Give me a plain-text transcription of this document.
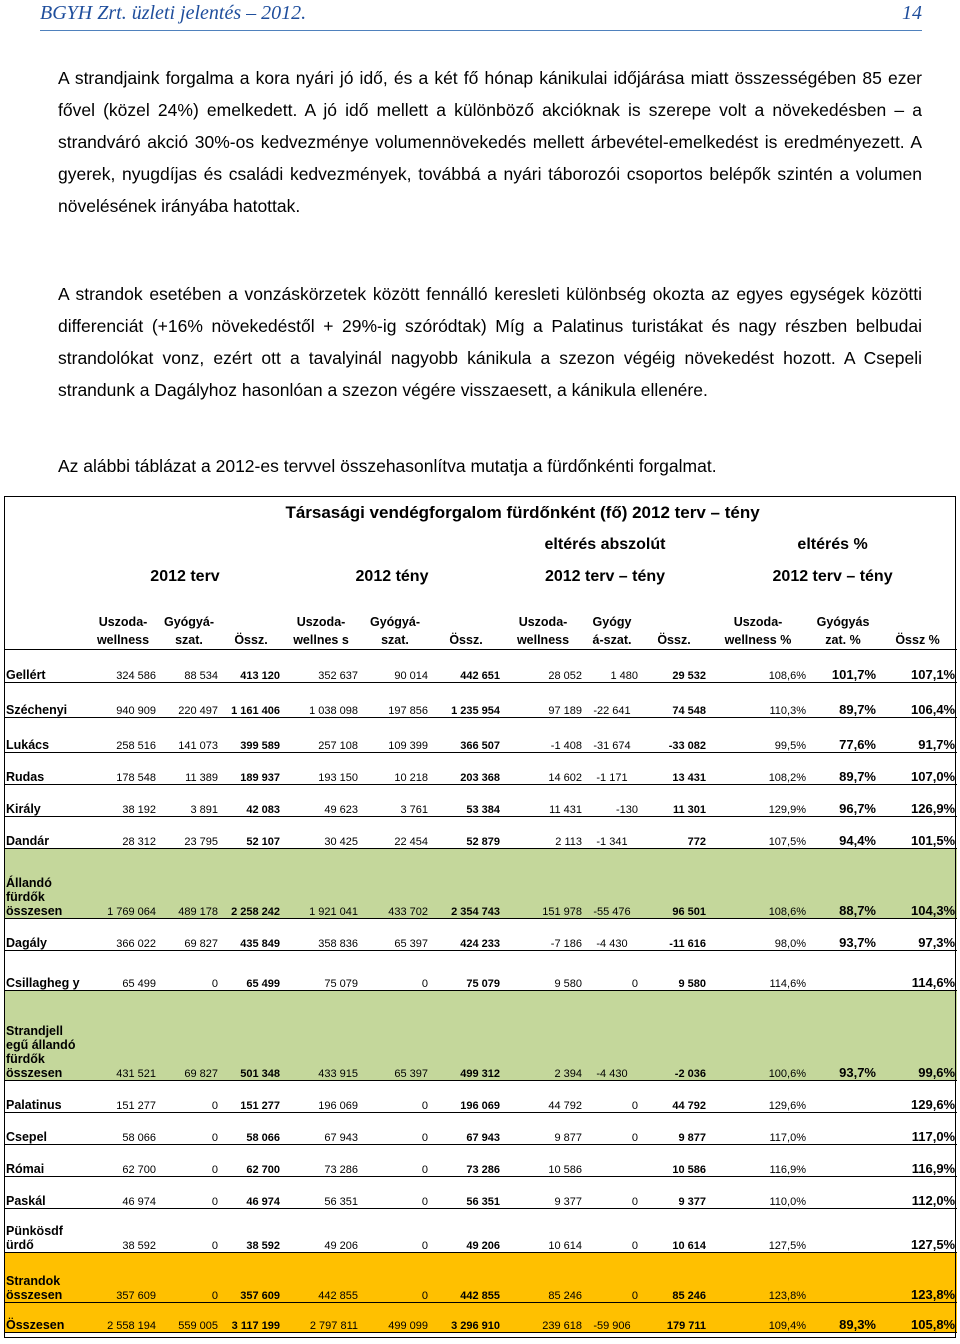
BGYH Zrt. üzleti jelentés – 2012.	14
A strandjaink forgalma a kora nyári jó idő, és a két fő hónap kánikulai időjárása miatt összességében 85 ezer fővel (közel 24%) emelkedett. A jó idő mellett a különböző akcióknak is szerepe volt a növekedésben – a strandváró akció 30%-os kedvezménye volumennövekedés mellett árbevétel-emelkedést is eredményezett. A gyerek, nyugdíjas és családi kedvezmények, továbbá a nyári táborozói csoportos belépők szintén a volumen növelésének irányába hatottak.
A strandok esetében a vonzáskörzetek között fennálló keresleti különbség okozta az egyes egységek közötti differenciát (+16% növekedéstől + 29%-ig szóródtak) Míg a Palatinus turistákat és nagy részben belbudai strandolókat vonz, ezért ott a tavalyinál nagyobb kánikula a szezon végéig növekedést hozott. A Csepeli strandunk a Dagályhoz hasonlóan a szezon végére visszaesett, a kánikula ellenére.
Az alábbi táblázat a 2012-es tervvel összehasonlítva mutatja a fürdőnkénti forgalmat.
	Társasági vendégforgalom fürdőnként (fő) 2012 terv – tény											
							eltérés abszolút			eltérés %		
	2012 terv			2012 tény			2012 terv – tény			2012 terv – tény		
	Uszoda-wellness	Gyógyá-szat.	Össz.	Uszoda-wellnes s	Gyógyá-szat.	Össz.	Uszoda-wellness	Gyógy á-szat.	Össz.	Uszoda-wellness %	Gyógyás zat. %	Össz %
Gellért	324 586	88 534	413 120	352 637	90 014	442 651	28 052	1 480	29 532	108,6%	101,7%	107,1%
Széchenyi	940 909	220 497	1 161 406	1 038 098	197 856	1 235 954	97 189	-22 641	74 548	110,3%	89,7%	106,4%
Lukács	258 516	141 073	399 589	257 108	109 399	366 507	-1 408	-31 674	-33 082	99,5%	77,6%	91,7%
Rudas	178 548	11 389	189 937	193 150	10 218	203 368	14 602	-1 171	13 431	108,2%	89,7%	107,0%
Király	38 192	3 891	42 083	49 623	3 761	53 384	11 431	-130	11 301	129,9%	96,7%	126,9%
Dandár	28 312	23 795	52 107	30 425	22 454	52 879	2 113	-1 341	772	107,5%	94,4%	101,5%
Állandó fürdők összesen	1 769 064	489 178	2 258 242	1 921 041	433 702	2 354 743	151 978	-55 476	96 501	108,6%	88,7%	104,3%
Dagály	366 022	69 827	435 849	358 836	65 397	424 233	-7 186	-4 430	-11 616	98,0%	93,7%	97,3%
Csillagheg y	65 499	0	65 499	75 079	0	75 079	9 580	0	9 580	114,6%		114,6%
Strandjell egű állandó fürdők összesen	431 521	69 827	501 348	433 915	65 397	499 312	2 394	-4 430	-2 036	100,6%	93,7%	99,6%
Palatinus	151 277	0	151 277	196 069	0	196 069	44 792	0	44 792	129,6%		129,6%
Csepel	58 066	0	58 066	67 943	0	67 943	9 877	0	9 877	117,0%		117,0%
Római	62 700	0	62 700	73 286	0	73 286	10 586		10 586	116,9%		116,9%
Paskál	46 974	0	46 974	56 351	0	56 351	9 377	0	9 377	110,0%		112,0%
Pünkösdf ürdő	38 592	0	38 592	49 206	0	49 206	10 614	0	10 614	127,5%		127,5%
Strandok összesen	357 609	0	357 609	442 855	0	442 855	85 246	0	85 246	123,8%		123,8%
Összesen	2 558 194	559 005	3 117 199	2 797 811	499 099	3 296 910	239 618	-59 906	179 711	109,4%	89,3%	105,8%
